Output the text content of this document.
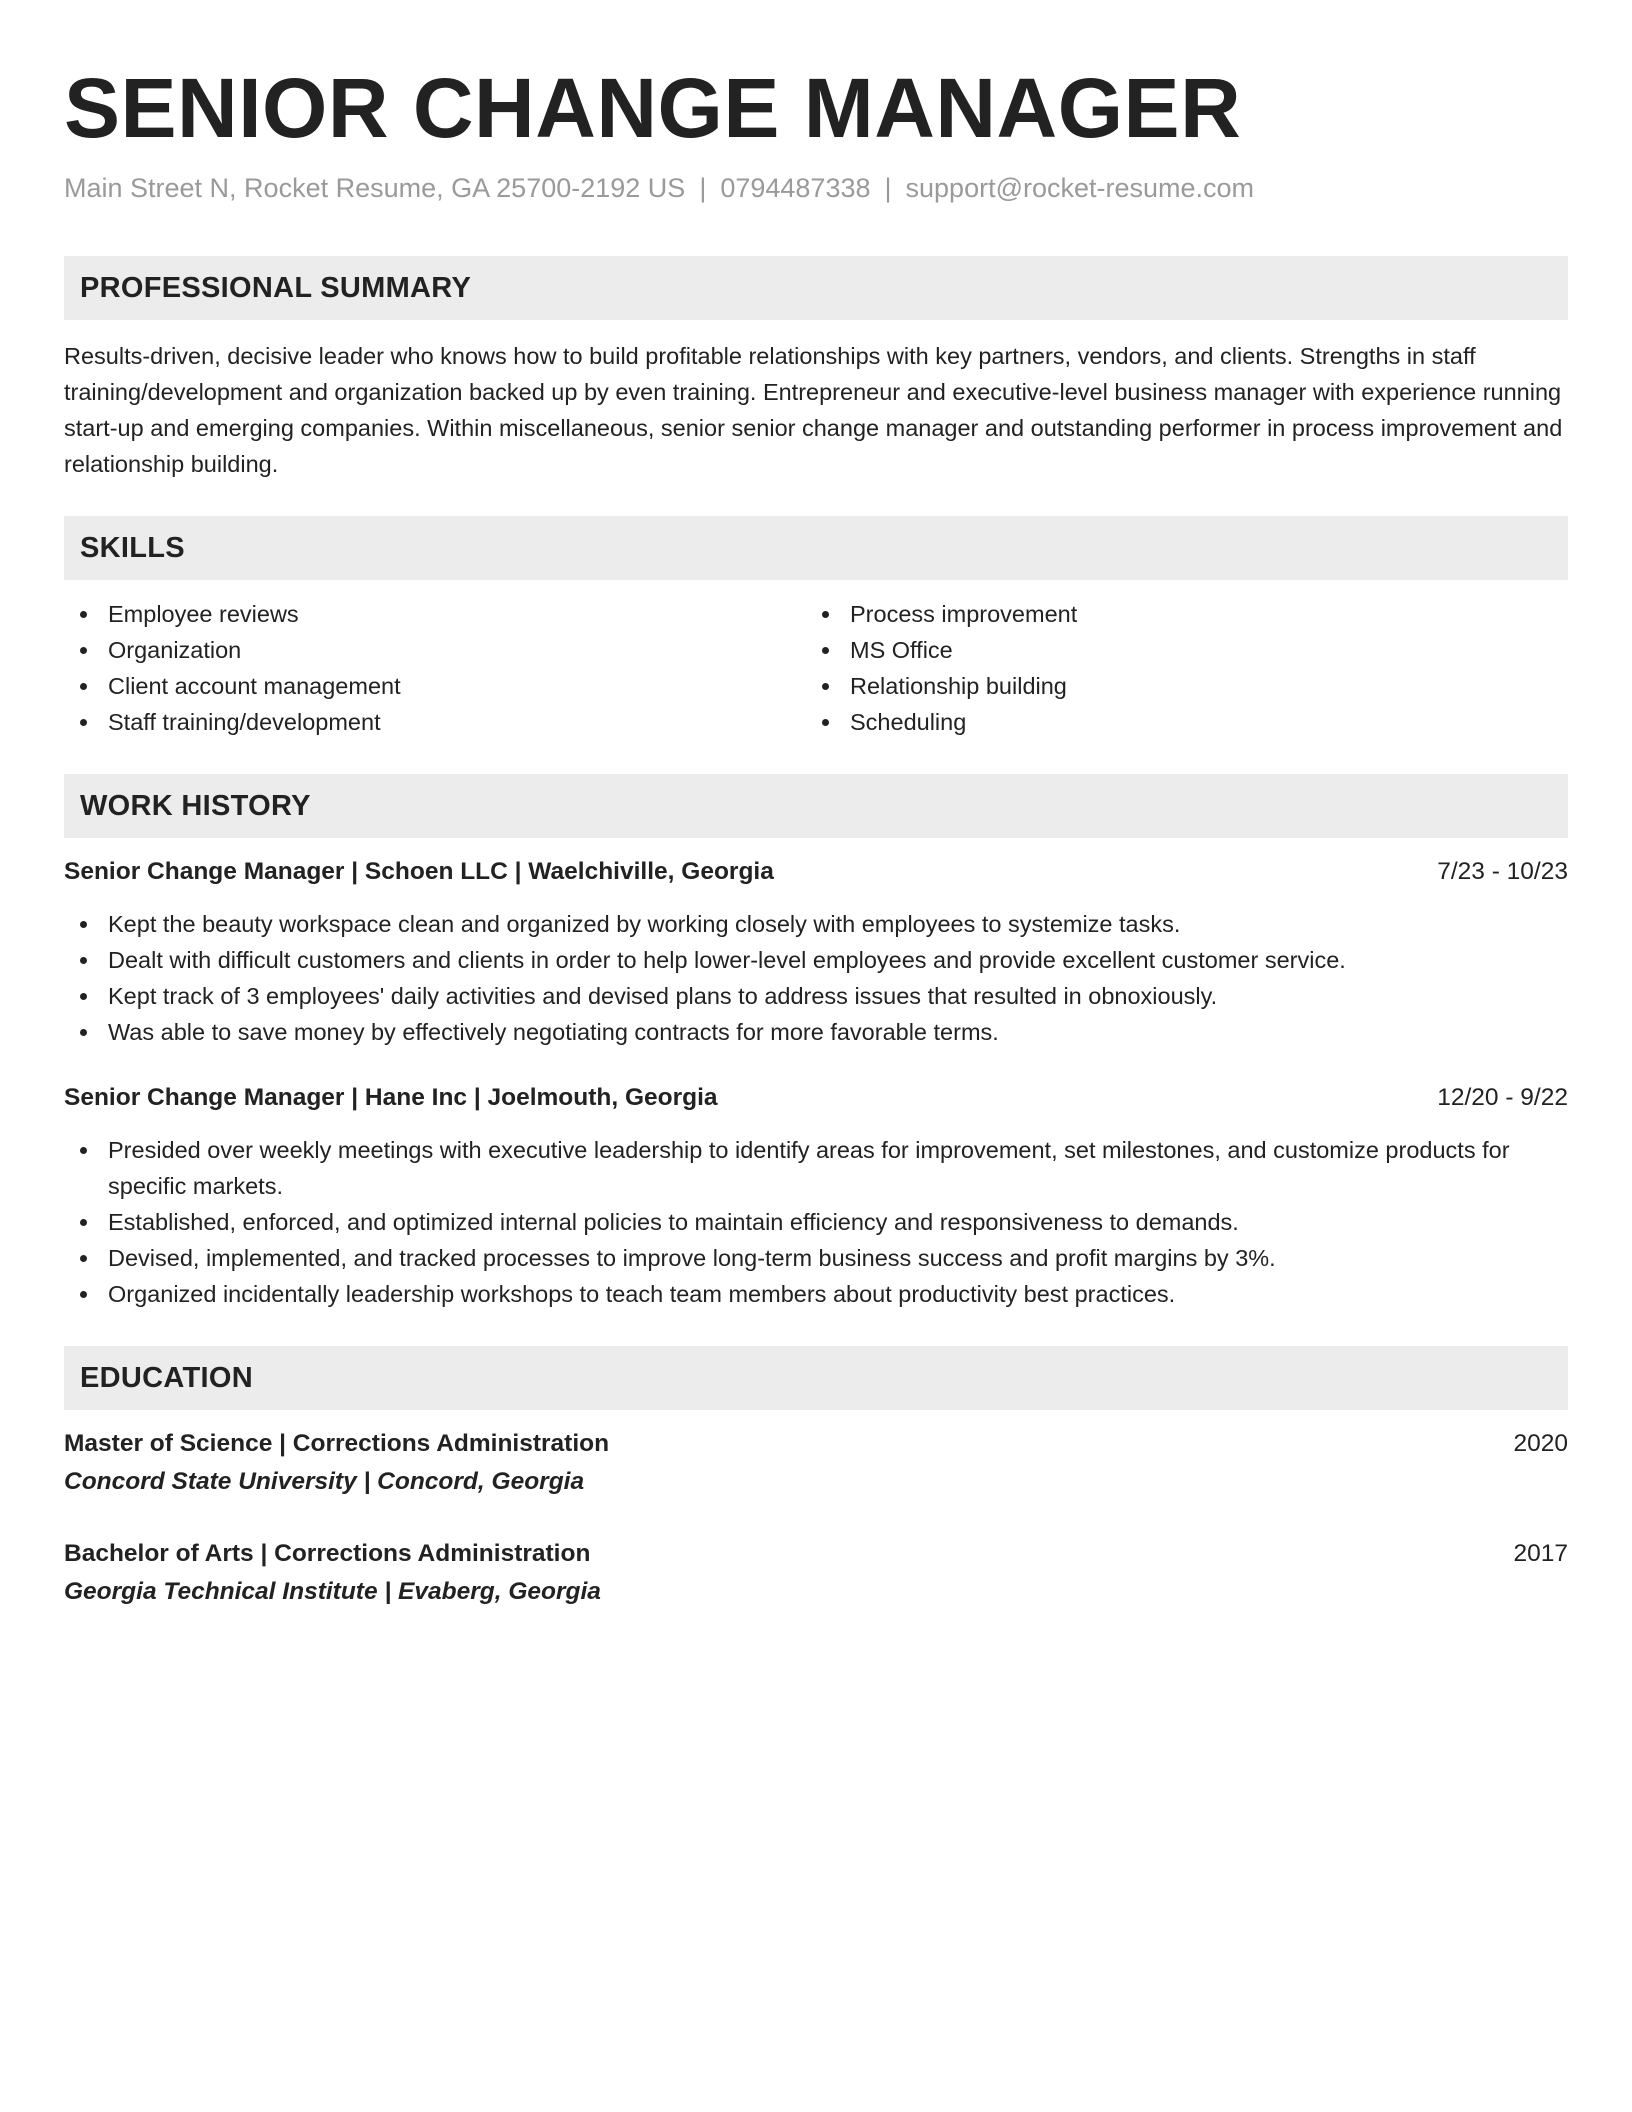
SENIOR CHANGE MANAGER
Main Street N, Rocket Resume, GA 25700-2192 US | 0794487338 | support@rocket-resume.com
PROFESSIONAL SUMMARY
Results-driven, decisive leader who knows how to build profitable relationships with key partners, vendors, and clients. Strengths in staff training/development and organization backed up by even training. Entrepreneur and executive-level business manager with experience running start-up and emerging companies. Within miscellaneous, senior senior change manager and outstanding performer in process improvement and relationship building.
SKILLS
Employee reviews
Organization
Client account management
Staff training/development
Process improvement
MS Office
Relationship building
Scheduling
WORK HISTORY
Senior Change Manager | Schoen LLC | Waelchiville, Georgia	7/23 - 10/23
Kept the beauty workspace clean and organized by working closely with employees to systemize tasks.
Dealt with difficult customers and clients in order to help lower-level employees and provide excellent customer service.
Kept track of 3 employees' daily activities and devised plans to address issues that resulted in obnoxiously.
Was able to save money by effectively negotiating contracts for more favorable terms.
Senior Change Manager | Hane Inc | Joelmouth, Georgia	12/20 - 9/22
Presided over weekly meetings with executive leadership to identify areas for improvement, set milestones, and customize products for specific markets.
Established, enforced, and optimized internal policies to maintain efficiency and responsiveness to demands.
Devised, implemented, and tracked processes to improve long-term business success and profit margins by 3%.
Organized incidentally leadership workshops to teach team members about productivity best practices.
EDUCATION
Master of Science | Corrections Administration	2020
Concord State University | Concord, Georgia
Bachelor of Arts | Corrections Administration	2017
Georgia Technical Institute | Evaberg, Georgia
